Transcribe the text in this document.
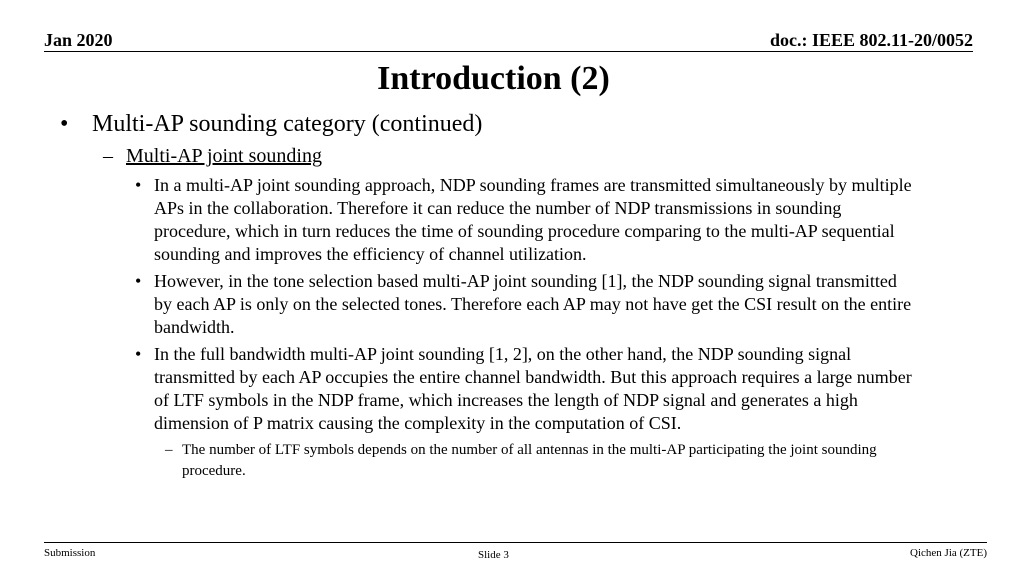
Jan 2020	doc.: IEEE 802.11-20/0052
Introduction (2)
• Multi-AP sounding category (continued)
– Multi-AP joint sounding
• In a multi-AP joint sounding approach, NDP sounding frames are transmitted simultaneously by multiple APs in the collaboration. Therefore it can reduce the number of NDP transmissions in sounding procedure, which in turn reduces the time of sounding procedure comparing to the multi-AP sequential sounding and improves the efficiency of channel utilization.
• However, in the tone selection based multi-AP joint sounding [1], the NDP sounding signal transmitted by each AP is only on the selected tones. Therefore each AP may not have get the CSI result on the entire bandwidth.
• In the full bandwidth multi-AP joint sounding [1, 2], on the other hand, the NDP sounding signal transmitted by each AP occupies the entire channel bandwidth. But this approach requires a large number of LTF symbols in the NDP frame, which increases the length of NDP signal and generates a high dimension of P matrix causing the complexity in the computation of CSI.
– The number of LTF symbols depends on the number of all antennas in the multi-AP participating the joint sounding procedure.
Submission	Slide 3	Qichen Jia (ZTE)
